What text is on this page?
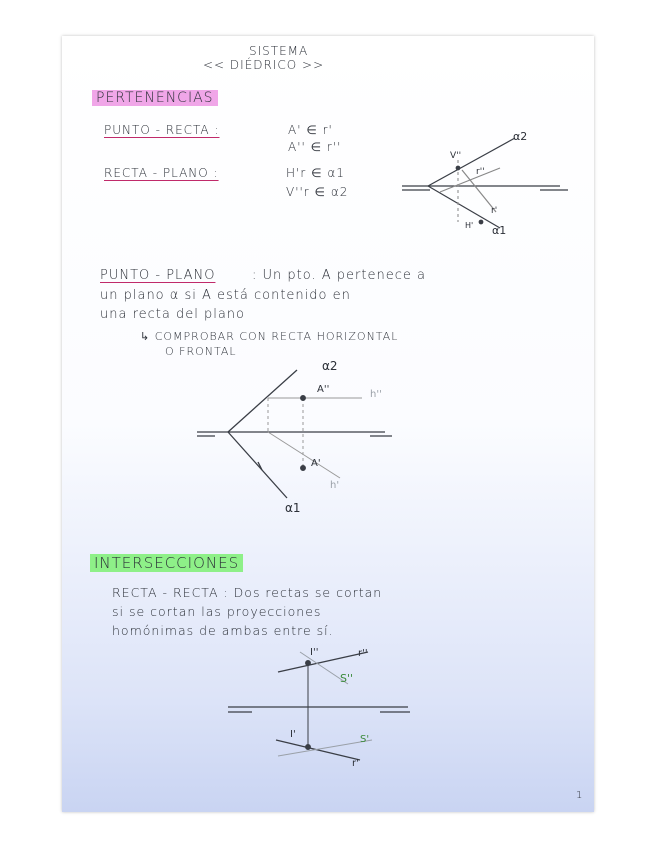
SISTEMA
<< DIÉDRICO >>
PERTENENCIAS
PUNTO - RECTA :	A' ∈ r'
A'' ∈ r''
RECTA - PLANO :	H'r ∈ α1
V''r ∈ α2
PUNTO - PLANO	: Un pto. A pertenece a
un plano α si A está contenido en
una recta del plano
↳ COMPROBAR CON RECTA HORIZONTAL
O FRONTAL
INTERSECCIONES
RECTA - RECTA : Dos rectas se cortan
si se cortan las proyecciones
homónimas de ambas entre sí.
1
α2
V''
r''
r'
H' α1
α2
A''	h''
A'
h'
α1
I''	r''
S''
I'	S'
r'
